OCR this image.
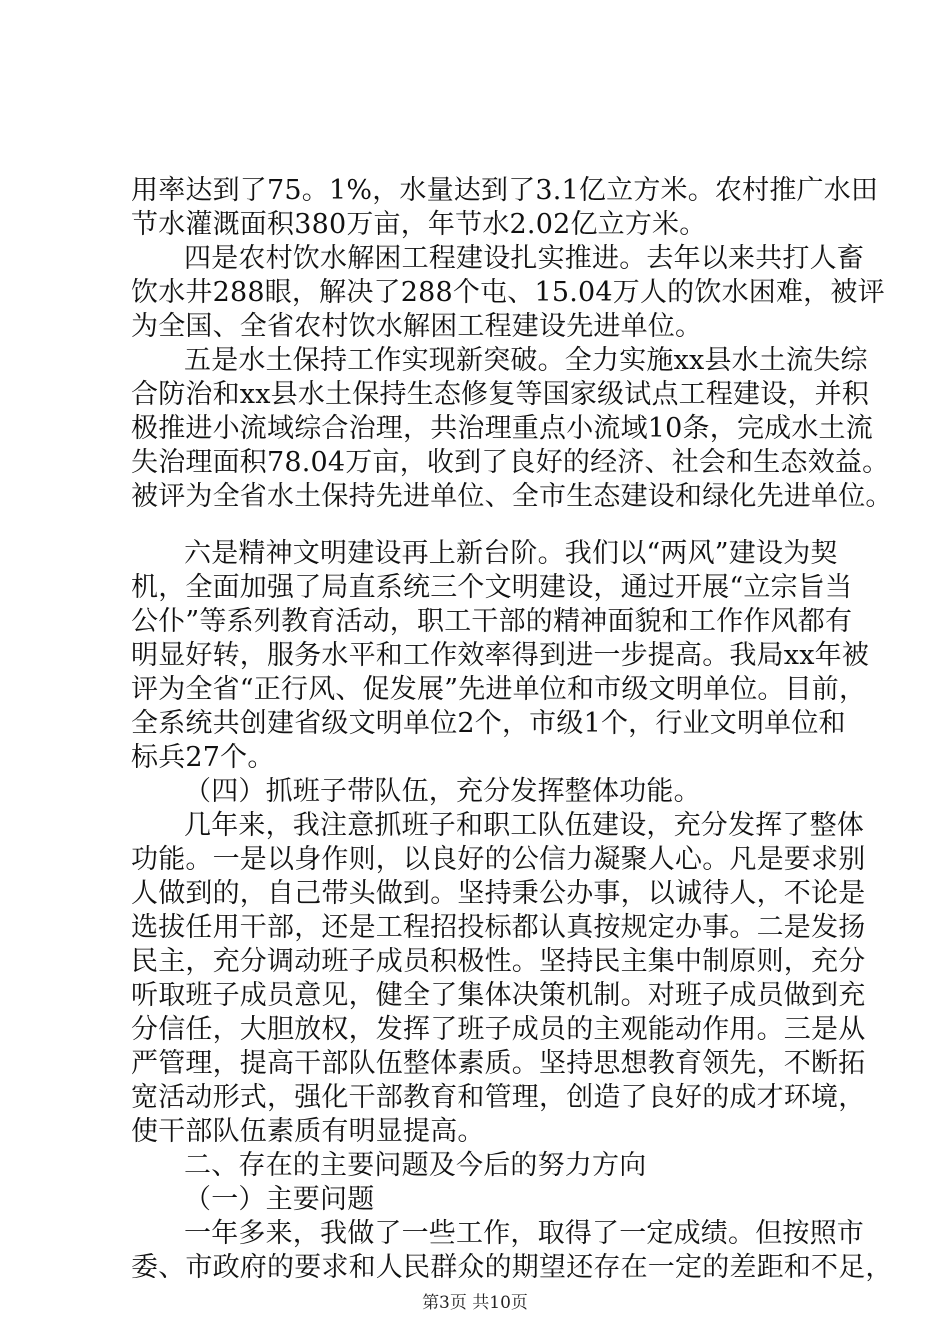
用率达到了75。1%，水量达到了3.1亿立方米。农村推广水田
节水灌溉面积380万亩，年节水2.02亿立方米。
四是农村饮水解困工程建设扎实推进。去年以来共打人畜
饮水井288眼，解决了288个屯、15.04万人的饮水困难，被评
为全国、全省农村饮水解困工程建设先进单位。
五是水土保持工作实现新突破。全力实施xx县水土流失综
合防治和xx县水土保持生态修复等国家级试点工程建设，并积
极推进小流域综合治理，共治理重点小流域10条，完成水土流
失治理面积78.04万亩，收到了良好的经济、社会和生态效益。
被评为全省水土保持先进单位、全市生态建设和绿化先进单位。
六是精神文明建设再上新台阶。我们以“两风”建设为契
机，全面加强了局直系统三个文明建设，通过开展“立宗旨当
公仆”等系列教育活动，职工干部的精神面貌和工作作风都有
明显好转，服务水平和工作效率得到进一步提高。我局xx年被
评为全省“正行风、促发展”先进单位和市级文明单位。目前，
全系统共创建省级文明单位2个，市级1个，行业文明单位和
标兵27个。
（四）抓班子带队伍，充分发挥整体功能。
几年来，我注意抓班子和职工队伍建设，充分发挥了整体
功能。一是以身作则，以良好的公信力凝聚人心。凡是要求别
人做到的，自己带头做到。坚持秉公办事，以诚待人，不论是
选拔任用干部，还是工程招投标都认真按规定办事。二是发扬
民主，充分调动班子成员积极性。坚持民主集中制原则，充分
听取班子成员意见，健全了集体决策机制。对班子成员做到充
分信任，大胆放权，发挥了班子成员的主观能动作用。三是从
严管理，提高干部队伍整体素质。坚持思想教育领先，不断拓
宽活动形式，强化干部教育和管理，创造了良好的成才环境，
使干部队伍素质有明显提高。
二、存在的主要问题及今后的努力方向
（一）主要问题
一年多来，我做了一些工作，取得了一定成绩。但按照市
委、市政府的要求和人民群众的期望还存在一定的差距和不足，
第3页 共10页
